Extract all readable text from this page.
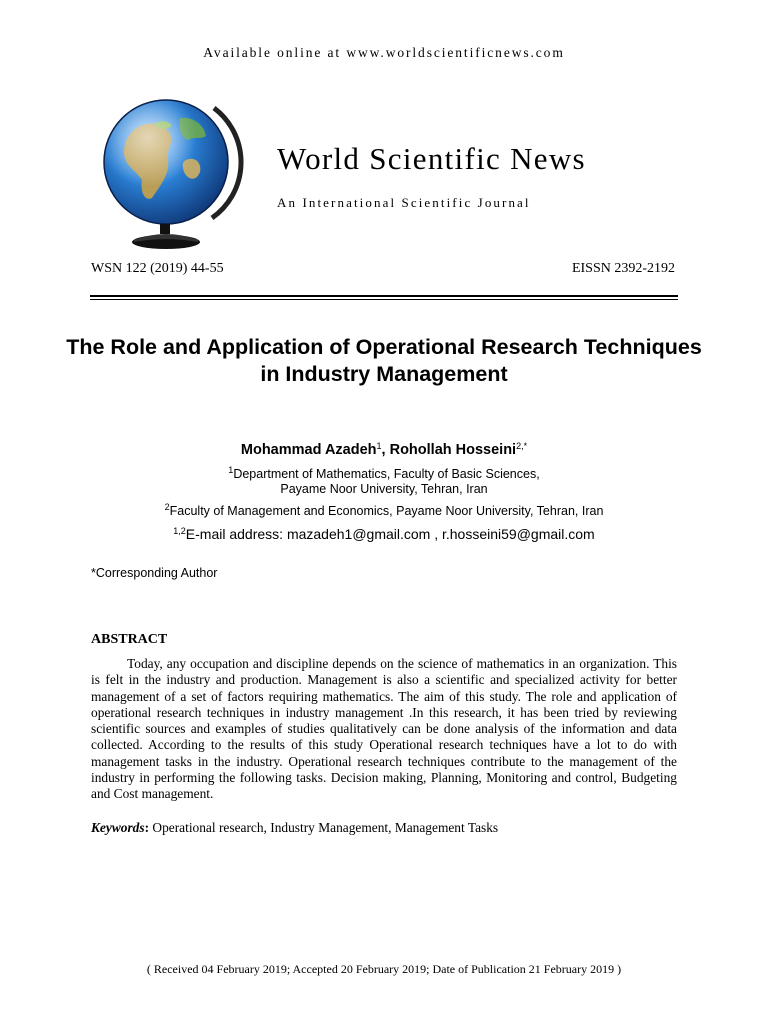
Available online at www.worldscientificnews.com
World Scientific News
An International Scientific Journal
WSN 122 (2019) 44-55	EISSN 2392-2192
The Role and Application of Operational Research Techniques in Industry Management
Mohammad Azadeh$^1$, Rohollah Hosseini$^{2,*}$
$^1$Department of Mathematics, Faculty of Basic Sciences,
Payame Noor University, Tehran, Iran
$^2$Faculty of Management and Economics, Payame Noor University, Tehran, Iran
$^{1,2}$E-mail address: mazadeh1@gmail.com , r.hosseini59@gmail.com
*Corresponding Author
ABSTRACT

Today, any occupation and discipline depends on the science of mathematics in an organization. This is felt in the industry and production. Management is also a scientific and specialized activity for better management of a set of factors requiring mathematics. The aim of this study. The role and application of operational research techniques in industry management .In this research, it has been tried by reviewing scientific sources and examples of studies qualitatively can be done analysis of the information and data collected. According to the results of this study Operational research techniques have a lot to do with management tasks in the industry. Operational research techniques contribute to the management of the industry in performing the following tasks. Decision making, Planning, Monitoring and control, Budgeting and Cost management.

Keywords: Operational research, Industry Management, Management Tasks
( Received 04 February 2019; Accepted 20 February 2019; Date of Publication 21 February 2019 )
